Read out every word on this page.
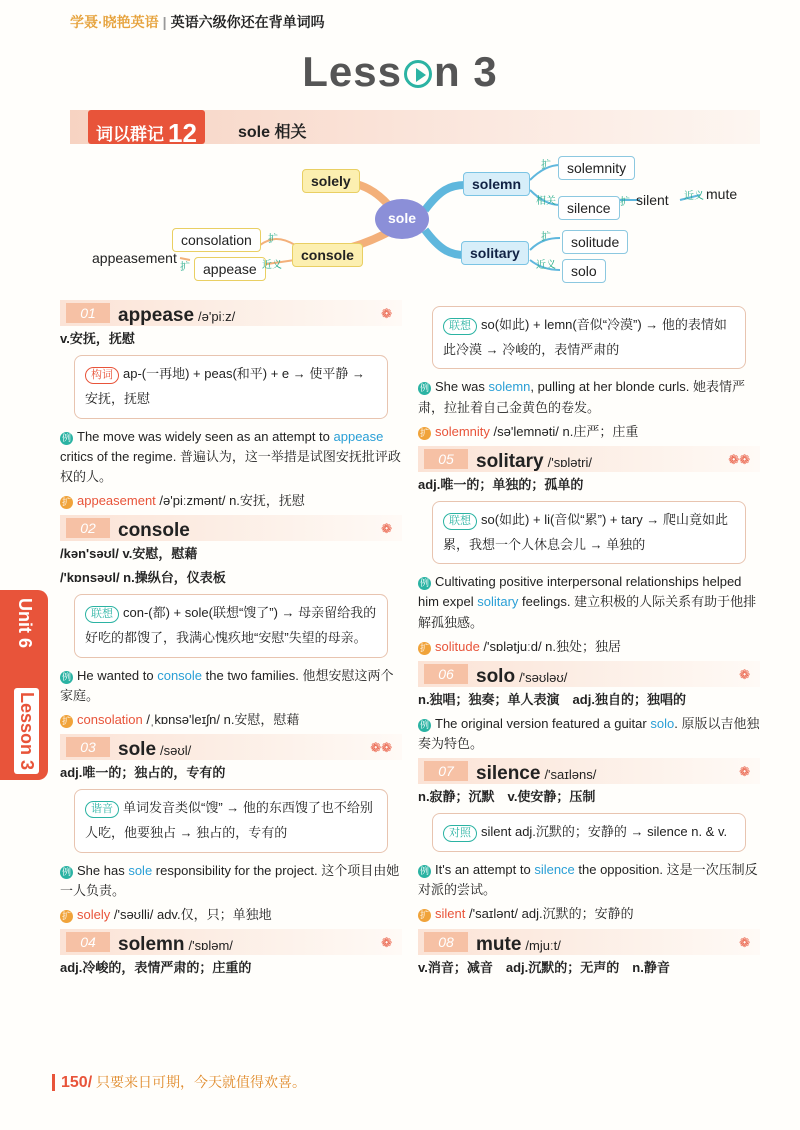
学聂·晓艳英语 | 英语六级你还在背单词吗
Less n 3
词以群记 12	sole 相关
sole
solely
console
solemn
solitary
solemnity
silence	silent	mute
solitude
solo
consolation
appease
appeasement
扩
相关	扩
近义
扩
近义
扩
近义
扩
Unit 6
Lesson 3
01	appease /ə'piːz/	❁

v.安抚，抚慰

构词 ap-(一再地) + peas(和平) + e → 使平静 → 安抚，抚慰

例 The move was widely seen as an attempt to appease critics of the regime. 普遍认为，这一举措是试图安抚批评政权的人。

扩 appeasement /ə'piːzmənt/ n.安抚，抚慰

02	console	❁

/kən'səʊl/ v.安慰，慰藉

/'kɒnsəʊl/ n.操纵台，仪表板

联想 con-(都) + sole(联想“馊了”) → 母亲留给我的好吃的都馊了，我满心愧疚地“安慰”失望的母亲。

例 He wanted to console the two families. 他想安慰这两个家庭。

扩 consolation /ˌkɒnsə'leɪʃn/ n.安慰，慰藉

03	sole /səʊl/	❁❁

adj.唯一的；独占的，专有的

谐音 单词发音类似“馊” → 他的东西馊了也不给别人吃，他要独占 → 独占的，专有的

例 She has sole responsibility for the project. 这个项目由她一人负责。

扩 solely /'səʊlli/ adv.仅，只；单独地

04	solemn /'sɒləm/	❁

adj.冷峻的，表情严肃的；庄重的

联想 so(如此) + lemn(音似“冷漠”) → 他的表情如此冷漠 → 冷峻的，表情严肃的

例 She was solemn, pulling at her blonde curls. 她表情严肃，拉扯着自己金黄色的卷发。

扩 solemnity /sə'lemnəti/ n.庄严；庄重

05	solitary /'sɒlətri/	❁❁

adj.唯一的；单独的；孤单的

联想 so(如此) + li(音似“累”) + tary → 爬山竟如此累，我想一个人休息会儿 → 单独的

例 Cultivating positive interpersonal relationships helped him expel solitary feelings. 建立积极的人际关系有助于他排解孤独感。

扩 solitude /'sɒlətjuːd/ n.独处；独居

06	solo /'səʊləʊ/	❁

n.独唱；独奏；单人表演　adj.独自的；独唱的

例 The original version featured a guitar solo. 原版以吉他独奏为特色。

07	silence /'saɪləns/	❁

n.寂静；沉默　v.使安静；压制

对照 silent adj.沉默的；安静的 → silence n. & v.

例 It's an attempt to silence the opposition. 这是一次压制反对派的尝试。

扩 silent /'saɪlənt/ adj.沉默的；安静的

08	mute /mjuːt/	❁

v.消音；减音　adj.沉默的；无声的　n.静音

150/ 只要来日可期，今天就值得欢喜。
